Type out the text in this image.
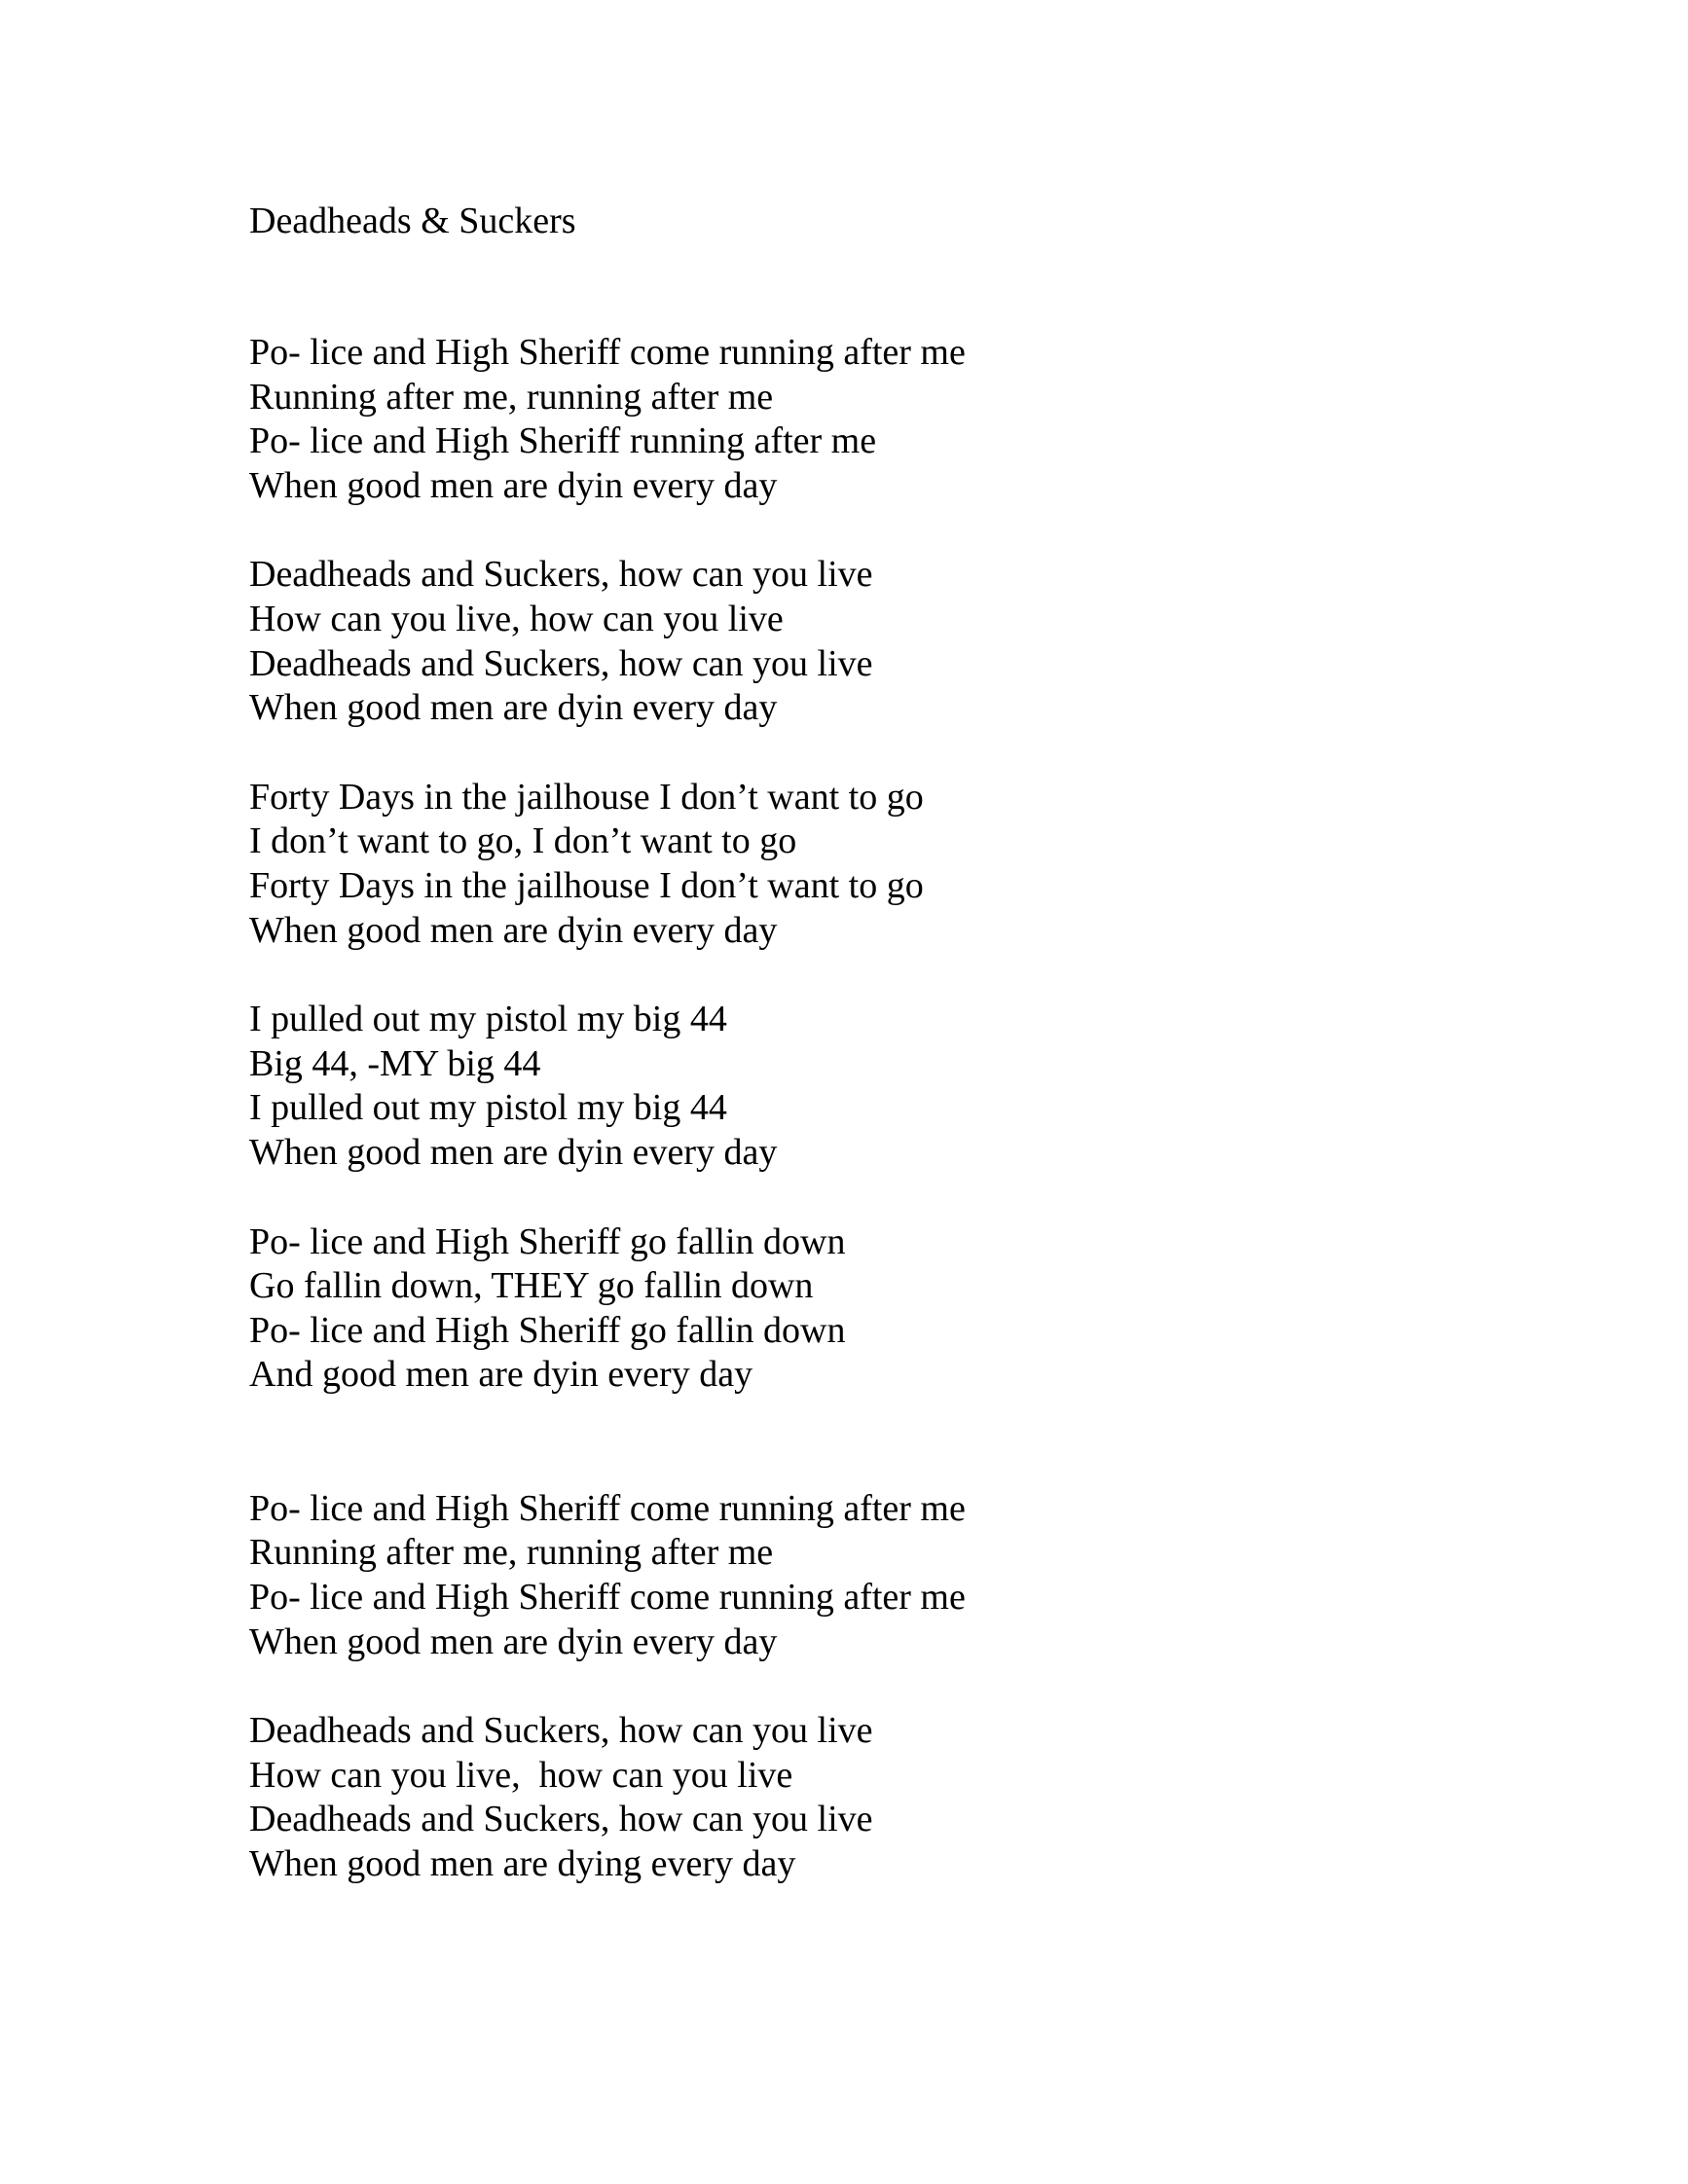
Deadheads & Suckers
Po- lice and High Sheriff come running after me
Running after me, running after me
Po- lice and High Sheriff running after me
When good men are dyin every day
Deadheads and Suckers, how can you live
How can you live, how can you live
Deadheads and Suckers, how can you live
When good men are dyin every day
Forty Days in the jailhouse I don’t want to go
I don’t want to go, I don’t want to go
Forty Days in the jailhouse I don’t want to go
When good men are dyin every day
I pulled out my pistol my big 44
Big 44, -MY big 44
I pulled out my pistol my big 44
When good men are dyin every day
Po- lice and High Sheriff go fallin down
Go fallin down, THEY go fallin down
Po- lice and High Sheriff go fallin down
And good men are dyin every day
Po- lice and High Sheriff come running after me
Running after me, running after me
Po- lice and High Sheriff come running after me
When good men are dyin every day
Deadheads and Suckers, how can you live
How can you live,  how can you live
Deadheads and Suckers, how can you live
When good men are dying every day
